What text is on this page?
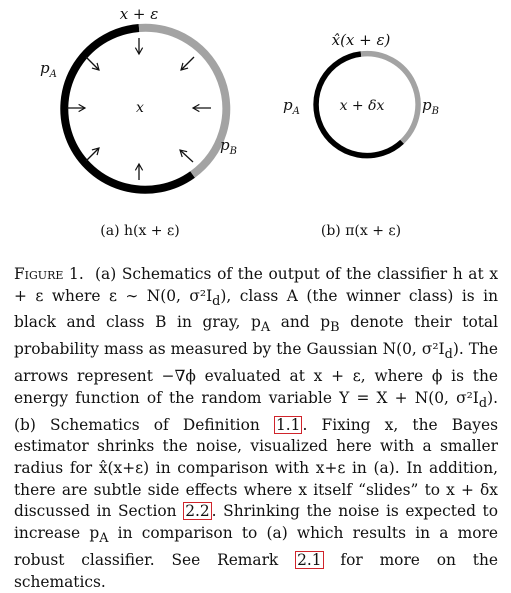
x + ε
x
$p_A$
$p_B$
(a) h(x + ε)
x̂(x + ε)
x + δx
$p_A$	$p_B$
(b) π(x + ε)

Figure 1. (a) Schematics of the output of the classifier h at x + ε where ε ∼ N(0, $\sigma^2I_d$), class A (the winner class) is in black and class B in gray, $p_A$ and $p_B$ denote their total probability mass as measured by the Gaussian N(0, $\sigma^2I_d$). The arrows represent −∇ϕ evaluated at x + ε, where ϕ is the energy function of the random variable Y = X + N(0, $\sigma^2I_d$). (b) Schematics of Definition 1.1 . Fixing x, the Bayes estimator shrinks the noise, visualized here with a smaller radius for x̂(x+ε) in comparison with x+ε in (a). In addition, there are subtle side effects where x itself “slides” to x + δx discussed in Section 2.2 . Shrinking the noise is expected to increase $p_A$ in comparison to (a) which results in a more robust classifier. See Remark 2.1 for more on the schematics.
